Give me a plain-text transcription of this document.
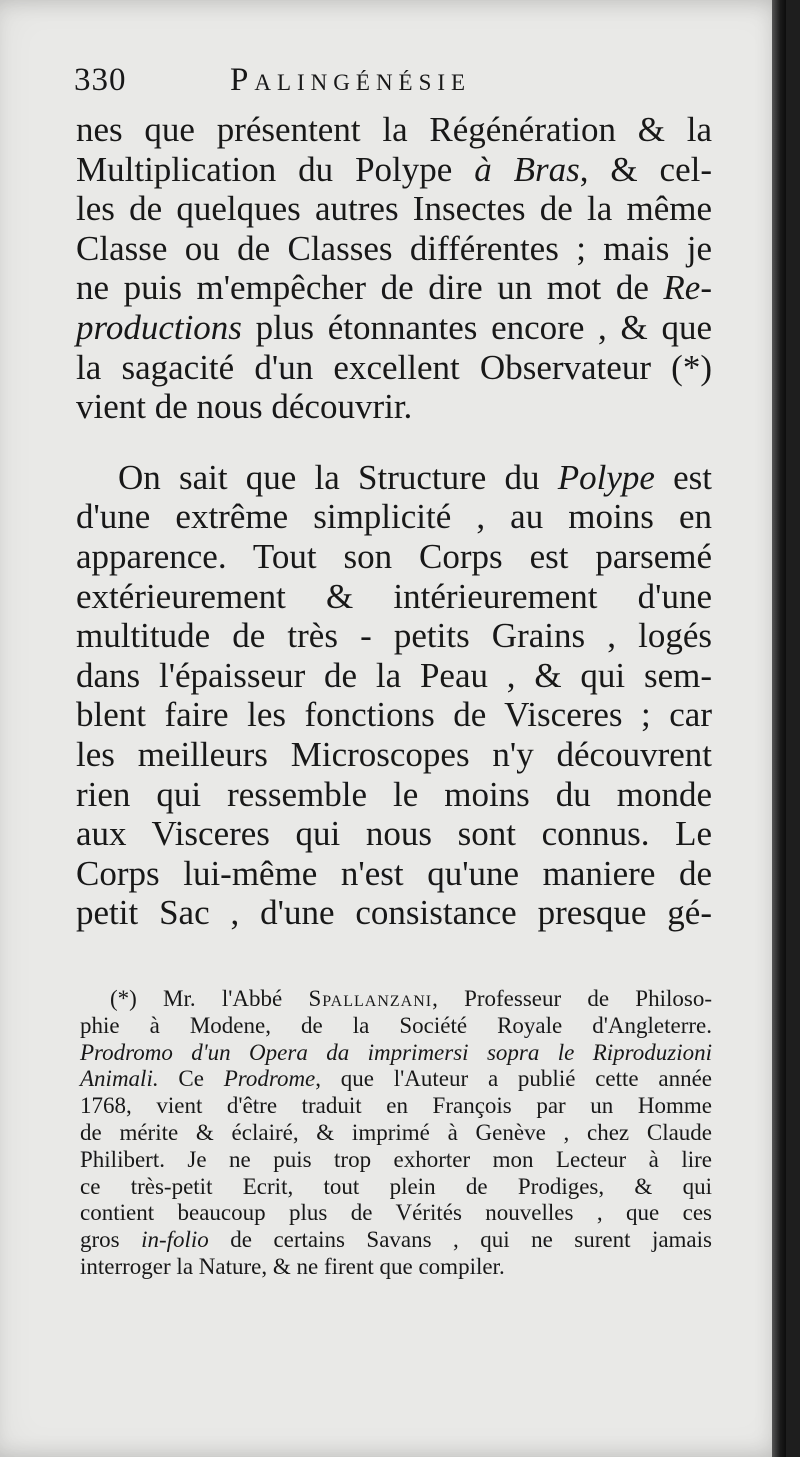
330	Palingénésie
nes que présentent la Régénération & la
Multiplication du Polype à Bras, & cel-
les de quelques autres Insectes de la même
Classe ou de Classes différentes ; mais je
ne puis m'empêcher de dire un mot de Re-
productions plus étonnantes encore , & que
la sagacité d'un excellent Observateur (*)
vient de nous découvrir.
On sait que la Structure du Polype est
d'une extrême simplicité , au moins en
apparence. Tout son Corps est parsemé
extérieurement & intérieurement d'une
multitude de très - petits Grains , logés
dans l'épaisseur de la Peau , & qui sem-
blent faire les fonctions de Visceres ; car
les meilleurs Microscopes n'y découvrent
rien qui ressemble le moins du monde
aux Visceres qui nous sont connus. Le
Corps lui-même n'est qu'une maniere de
petit Sac , d'une consistance presque gé-
(*) Mr. l'Abbé Spallanzani, Professeur de Philoso-
phie à Modene, de la Société Royale d'Angleterre.
Prodromo d'un Opera da imprimersi sopra le Riproduzioni
Animali. Ce Prodrome, que l'Auteur a publié cette année
1768, vient d'être traduit en François par un Homme
de mérite & éclairé, & imprimé à Genève , chez Claude
Philibert. Je ne puis trop exhorter mon Lecteur à lire
ce très-petit Ecrit, tout plein de Prodiges, & qui
contient beaucoup plus de Vérités nouvelles , que ces
gros in-folio de certains Savans , qui ne surent jamais
interroger la Nature, & ne firent que compiler.
